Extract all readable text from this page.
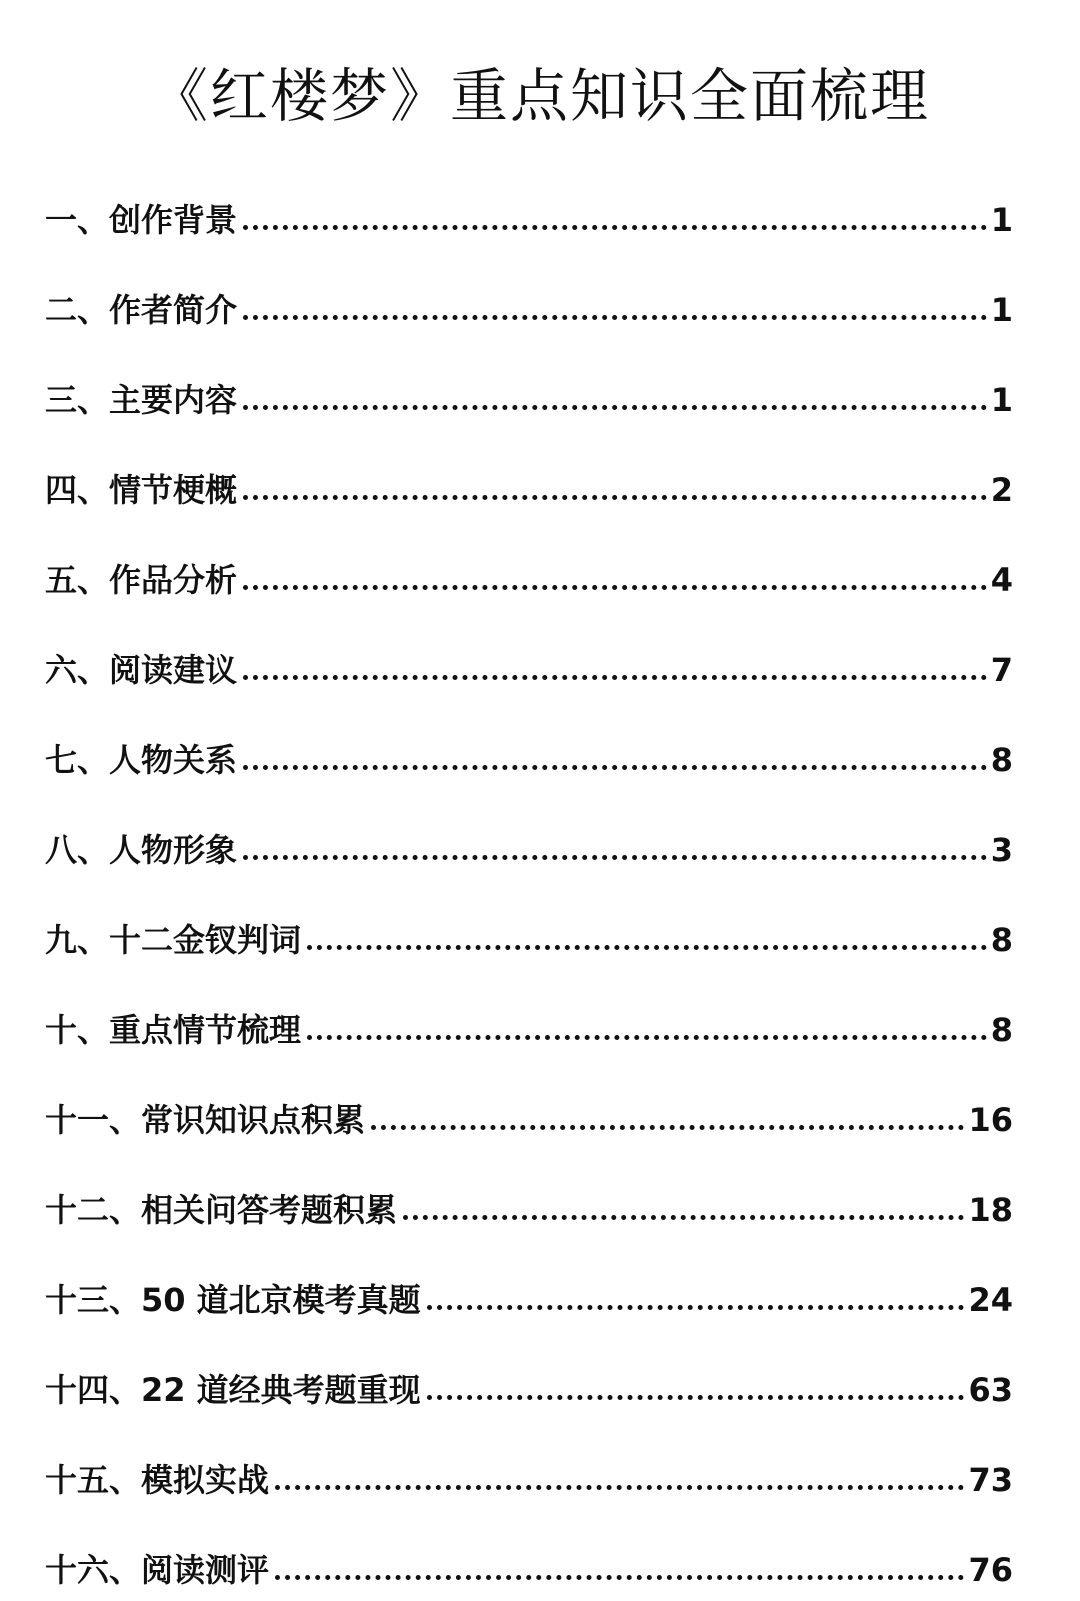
《红楼梦》重点知识全面梳理
一、创作背景	1
二、作者简介	1
三、主要内容	1
四、情节梗概	2
五、作品分析	4
六、阅读建议	7
七、人物关系	8
八、人物形象	3
九、十二金钗判词	8
十、重点情节梳理	8
十一、常识知识点积累	16
十二、相关问答考题积累	18
十三、50 道北京模考真题	24
十四、22 道经典考题重现	63
十五、模拟实战	73
十六、阅读测评	76
